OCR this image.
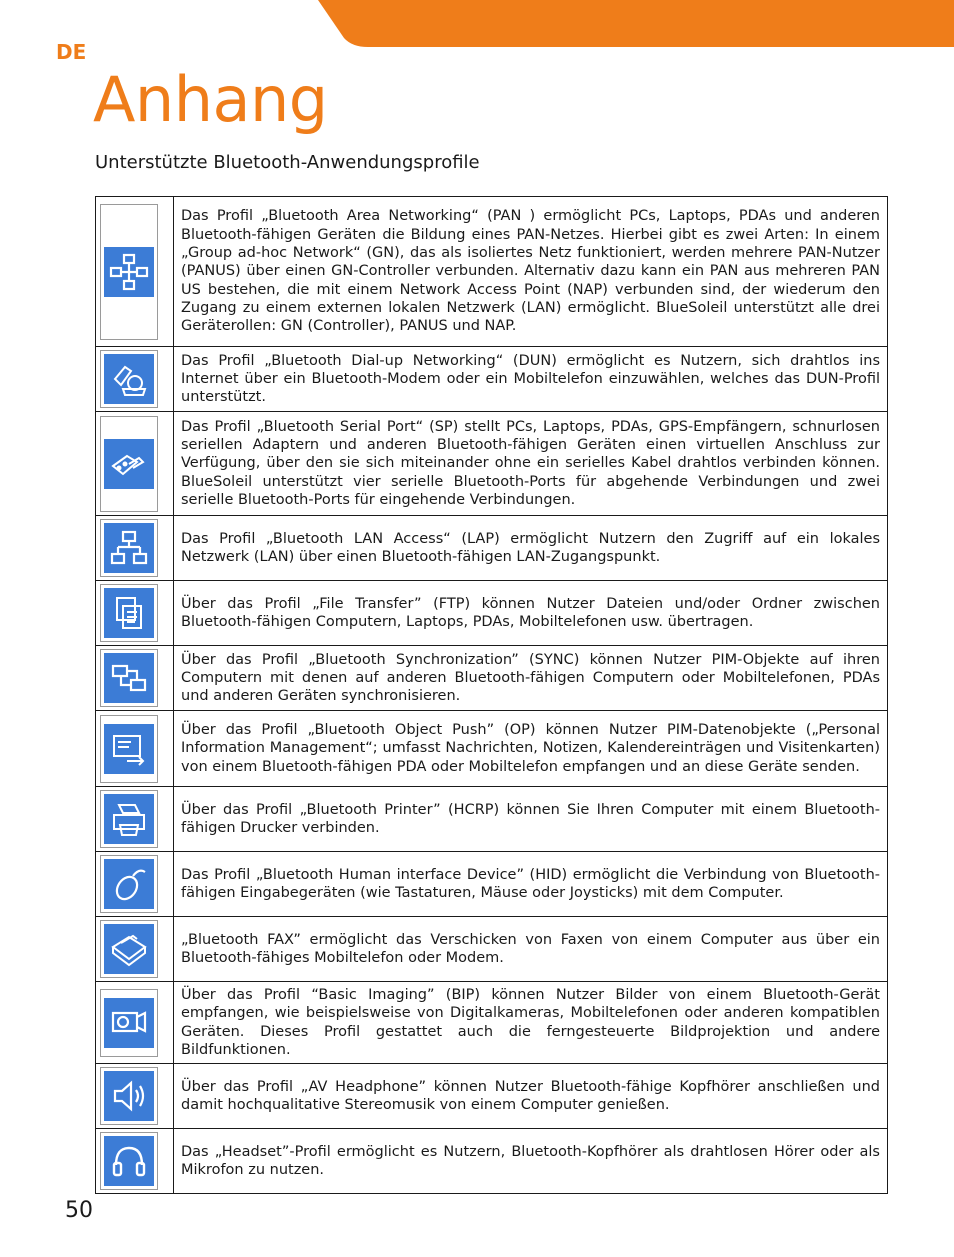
DE
Anhang
Unterstützte Bluetooth-Anwendungsprofile
	Das Profil „Bluetooth Area Networking“ (PAN ) ermöglicht PCs, Laptops, PDAs und anderen Bluetooth-fähigen Geräten die Bildung eines PAN-Netzes. Hierbei gibt es zwei Arten: In einem „Group ad-hoc Network“ (GN), das als isoliertes Netz funktioniert, werden mehrere PAN-Nutzer (PANUS) über einen GN-Controller verbunden. Alternativ dazu kann ein PAN aus mehreren PAN US bestehen, die mit einem Network Access Point (NAP) verbunden sind, der wiederum den Zugang zu einem externen lokalen Netzwerk (LAN) ermöglicht. BlueSoleil unterstützt alle drei Geräterollen: GN (Controller), PANUS und NAP.

	Das Profil „Bluetooth Dial-up Networking“ (DUN) ermöglicht es Nutzern, sich drahtlos ins Internet über ein Bluetooth-Modem oder ein Mobiltelefon einzuwählen, welches das DUN-Profil unterstützt.

	Das Profil „Bluetooth Serial Port“ (SP) stellt PCs, Laptops, PDAs, GPS-Empfängern, schnurlosen seriellen Adaptern und anderen Bluetooth-fähigen Geräten einen virtuellen Anschluss zur Verfügung, über den sie sich miteinander ohne ein serielles Kabel drahtlos verbinden können. BlueSoleil unterstützt vier serielle Bluetooth-Ports für abgehende Verbindungen und zwei serielle Bluetooth-Ports für eingehende Verbindungen.

	Das Profil „Bluetooth LAN Access“ (LAP) ermöglicht Nutzern den Zugriff auf ein lokales Netzwerk (LAN) über einen Bluetooth-fähigen LAN-Zugangspunkt.

	Über das Profil „File Transfer” (FTP) können Nutzer Dateien und/oder Ordner zwischen Bluetooth-fähigen Computern, Laptops, PDAs, Mobiltelefonen usw. übertragen.

	Über das Profil „Bluetooth Synchronization” (SYNC) können Nutzer PIM-Objekte auf ihren Computern mit denen auf anderen Bluetooth-fähigen Computern oder Mobiltelefonen, PDAs und anderen Geräten synchronisieren.

	Über das Profil „Bluetooth Object Push” (OP) können Nutzer PIM-Datenobjekte („Personal Information Management“; umfasst Nachrichten, Notizen, Kalendereinträgen und Visitenkarten) von einem Bluetooth-fähigen PDA oder Mobiltelefon empfangen und an diese Geräte senden.

	Über das Profil „Bluetooth Printer” (HCRP) können Sie Ihren Computer mit einem Bluetooth-fähigen Drucker verbinden.

	Das Profil „Bluetooth Human interface Device” (HID) ermöglicht die Verbindung von Bluetooth-fähigen Eingabegeräten (wie Tastaturen, Mäuse oder Joysticks) mit dem Computer.

	„Bluetooth FAX” ermöglicht das Verschicken von Faxen von einem Computer aus über ein Bluetooth-fähiges Mobiltelefon oder Modem.

	Über das Profil “Basic Imaging” (BIP) können Nutzer Bilder von einem Bluetooth-Gerät empfangen, wie beispielsweise von Digitalkameras, Mobiltelefonen oder anderen kompatiblen Geräten. Dieses Profil gestattet auch die ferngesteuerte Bildprojektion und andere Bildfunktionen.

	Über das Profil „AV Headphone” können Nutzer Bluetooth-fähige Kopfhörer anschließen und damit hochqualitative Stereomusik von einem Computer genießen.

	Das „Headset”-Profil ermöglicht es Nutzern, Bluetooth-Kopfhörer als drahtlosen Hörer oder als Mikrofon zu nutzen.
50
